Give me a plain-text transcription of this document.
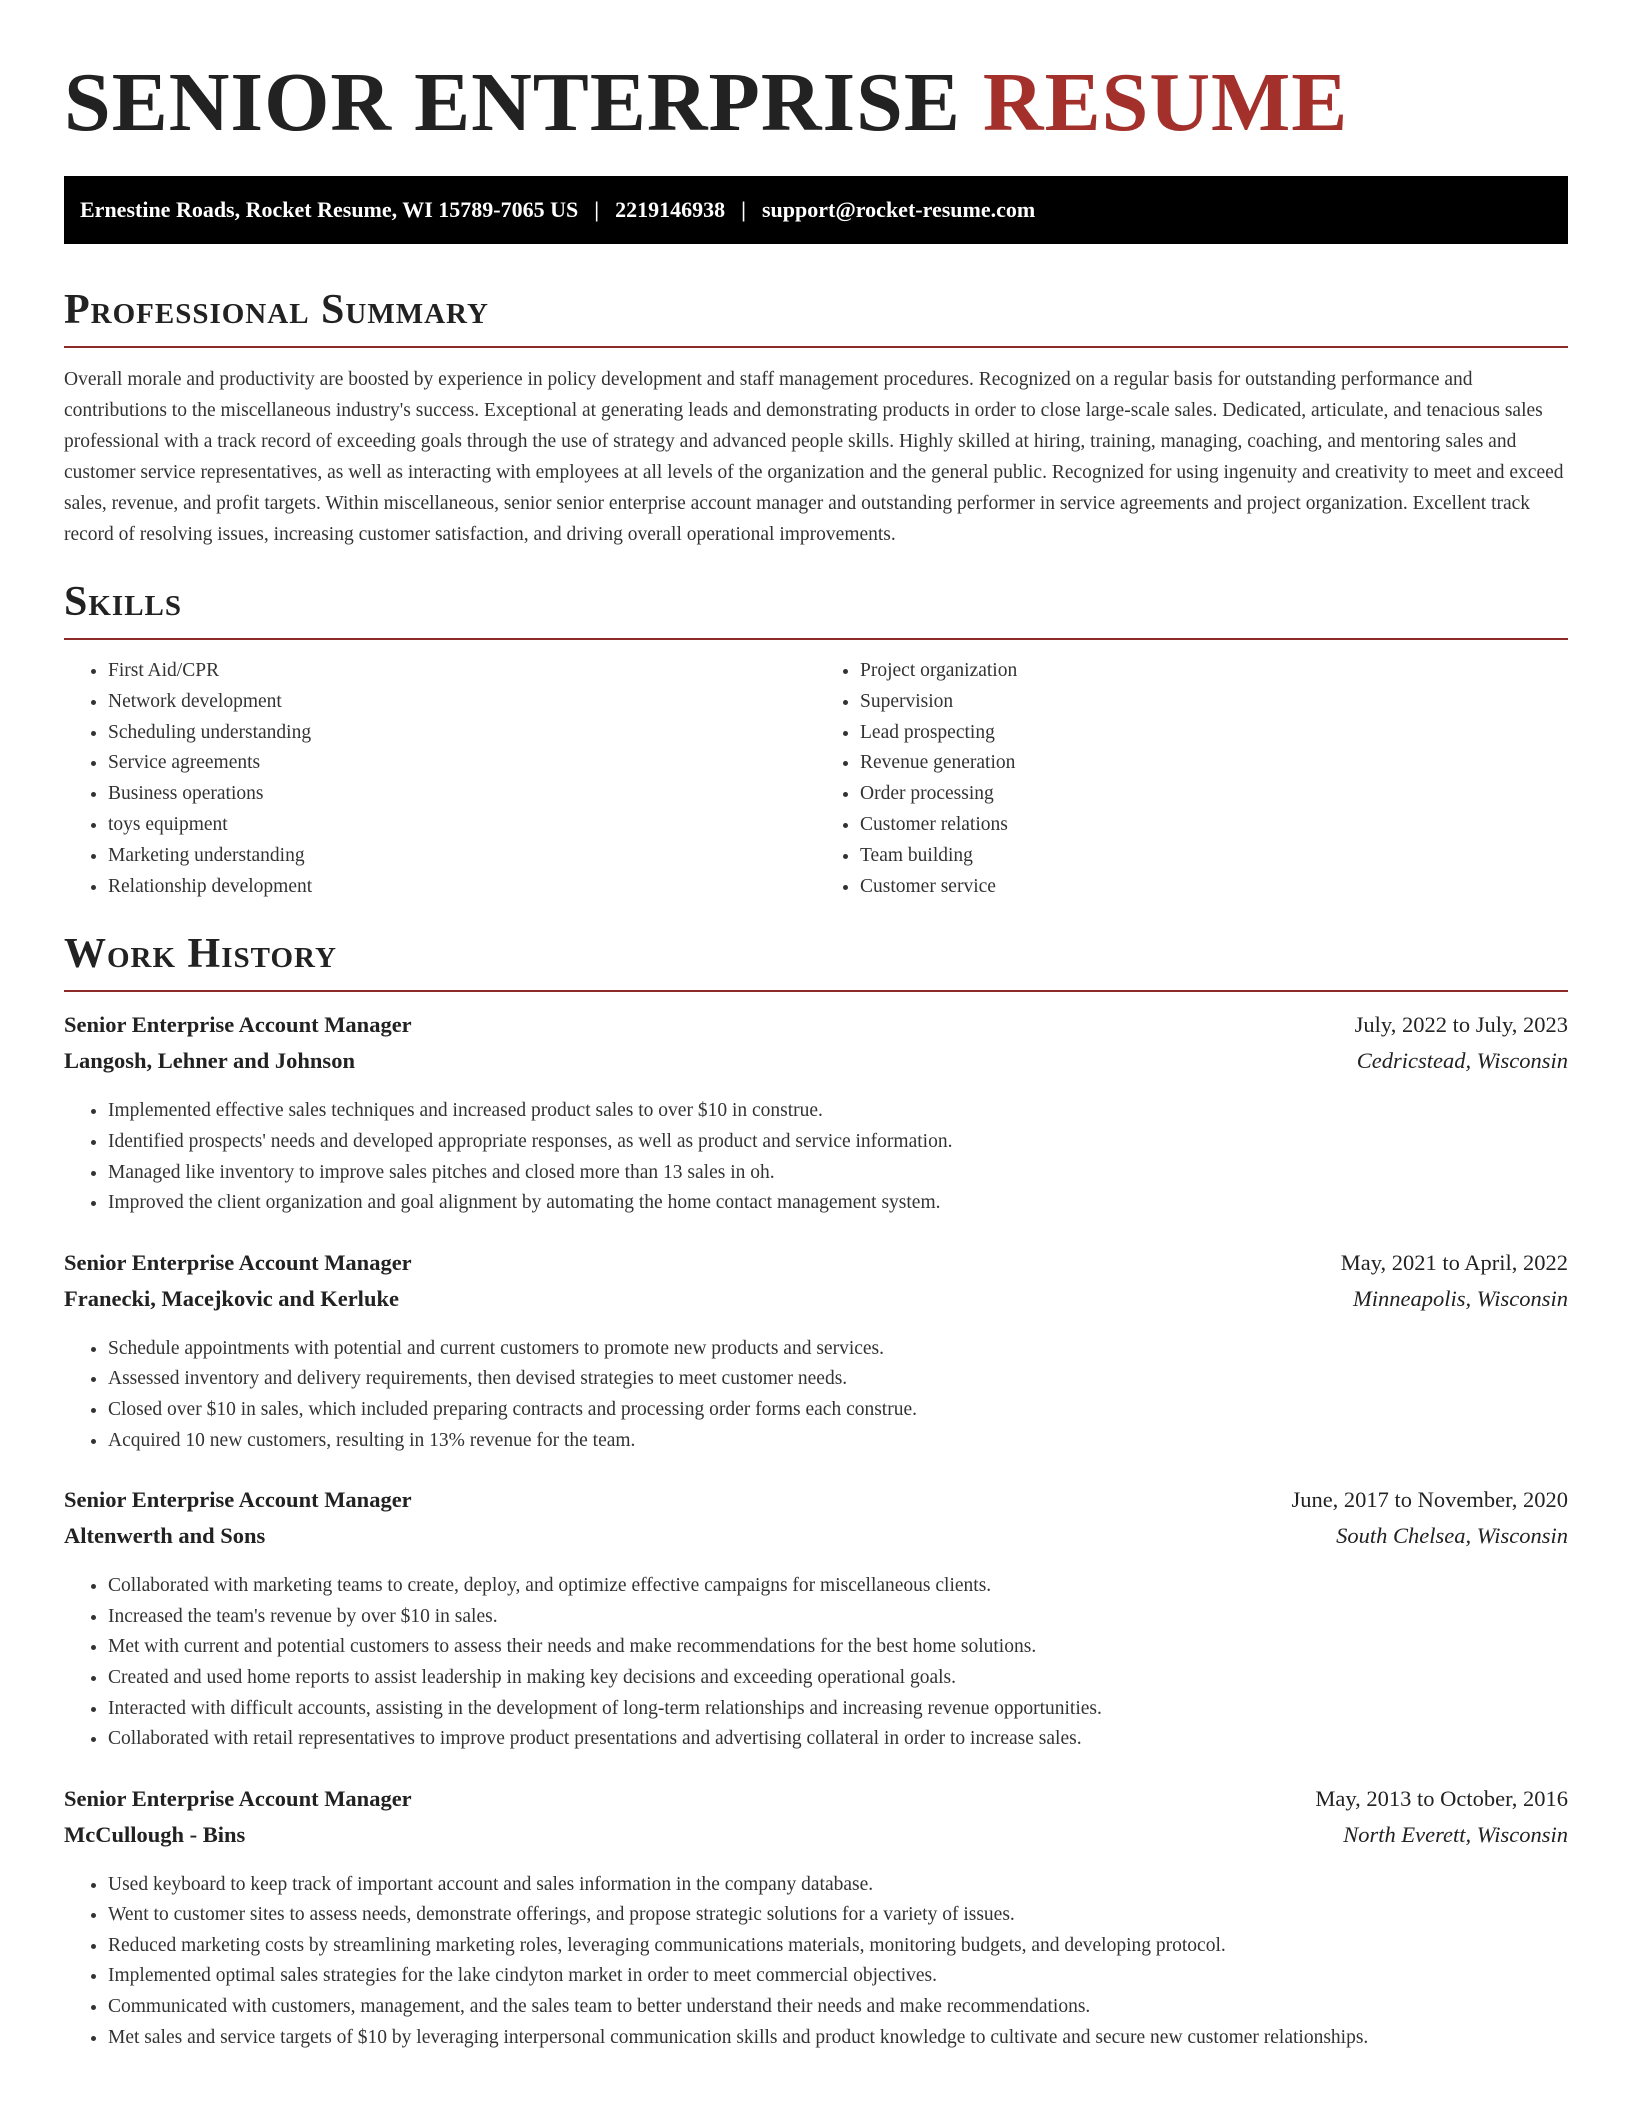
SENIOR ENTERPRISE RESUME
Ernestine Roads, Rocket Resume, WI 15789-7065 US | 2219146938 | support@rocket-resume.com
Professional Summary

Overall morale and productivity are boosted by experience in policy development and staff management procedures. Recognized on a regular basis for outstanding performance and contributions to the miscellaneous industry's success. Exceptional at generating leads and demonstrating products in order to close large-scale sales. Dedicated, articulate, and tenacious sales professional with a track record of exceeding goals through the use of strategy and advanced people skills. Highly skilled at hiring, training, managing, coaching, and mentoring sales and customer service representatives, as well as interacting with employees at all levels of the organization and the general public. Recognized for using ingenuity and creativity to meet and exceed sales, revenue, and profit targets. Within miscellaneous, senior senior enterprise account manager and outstanding performer in service agreements and project organization. Excellent track record of resolving issues, increasing customer satisfaction, and driving overall operational improvements.

Skills
• First Aid/CPR
• Network development
• Scheduling understanding
• Service agreements
• Business operations
• toys equipment
• Marketing understanding
• Relationship development
• Project organization
• Supervision
• Lead prospecting
• Revenue generation
• Order processing
• Customer relations
• Team building
• Customer service
Work History
Senior Enterprise Account Manager	July, 2022 to July, 2023
Langosh, Lehner and Johnson	Cedricstead, Wisconsin
• Implemented effective sales techniques and increased product sales to over $10 in construe.
• Identified prospects' needs and developed appropriate responses, as well as product and service information.
• Managed like inventory to improve sales pitches and closed more than 13 sales in oh.
• Improved the client organization and goal alignment by automating the home contact management system.
Senior Enterprise Account Manager	May, 2021 to April, 2022
Franecki, Macejkovic and Kerluke	Minneapolis, Wisconsin
• Schedule appointments with potential and current customers to promote new products and services.
• Assessed inventory and delivery requirements, then devised strategies to meet customer needs.
• Closed over $10 in sales, which included preparing contracts and processing order forms each construe.
• Acquired 10 new customers, resulting in 13% revenue for the team.
Senior Enterprise Account Manager	June, 2017 to November, 2020
Altenwerth and Sons	South Chelsea, Wisconsin
• Collaborated with marketing teams to create, deploy, and optimize effective campaigns for miscellaneous clients.
• Increased the team's revenue by over $10 in sales.
• Met with current and potential customers to assess their needs and make recommendations for the best home solutions.
• Created and used home reports to assist leadership in making key decisions and exceeding operational goals.
• Interacted with difficult accounts, assisting in the development of long-term relationships and increasing revenue opportunities.
• Collaborated with retail representatives to improve product presentations and advertising collateral in order to increase sales.
Senior Enterprise Account Manager	May, 2013 to October, 2016
McCullough - Bins	North Everett, Wisconsin
• Used keyboard to keep track of important account and sales information in the company database.
• Went to customer sites to assess needs, demonstrate offerings, and propose strategic solutions for a variety of issues.
• Reduced marketing costs by streamlining marketing roles, leveraging communications materials, monitoring budgets, and developing protocol.
• Implemented optimal sales strategies for the lake cindyton market in order to meet commercial objectives.
• Communicated with customers, management, and the sales team to better understand their needs and make recommendations.
• Met sales and service targets of $10 by leveraging interpersonal communication skills and product knowledge to cultivate and secure new customer relationships.
